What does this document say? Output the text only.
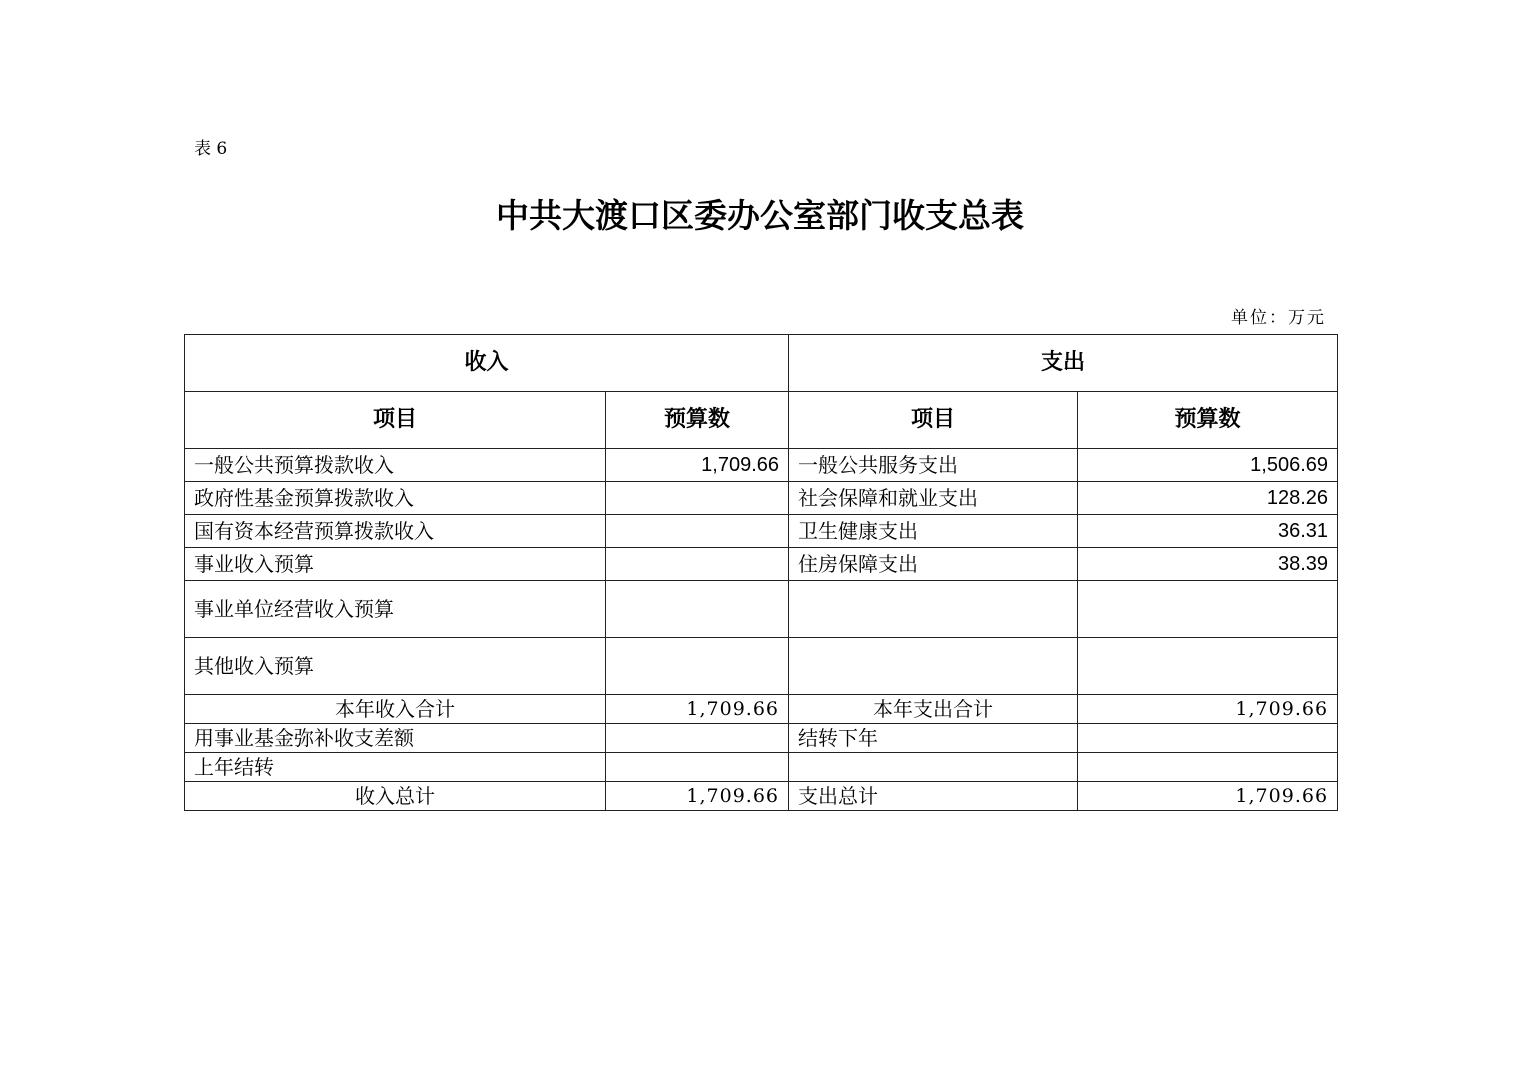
表 6
中共大渡口区委办公室部门收支总表
单位：万元
收入		支出	
项目	预算数	项目	预算数
一般公共预算拨款收入	1,709.66	一般公共服务支出	1,506.69
政府性基金预算拨款收入		社会保障和就业支出	128.26
国有资本经营预算拨款收入		卫生健康支出	36.31
事业收入预算		住房保障支出	38.39
事业单位经营收入预算			
其他收入预算			
本年收入合计	1,709.66	本年支出合计	1,709.66
用事业基金弥补收支差额		结转下年	
上年结转			
收入总计	1,709.66	支出总计	1,709.66
